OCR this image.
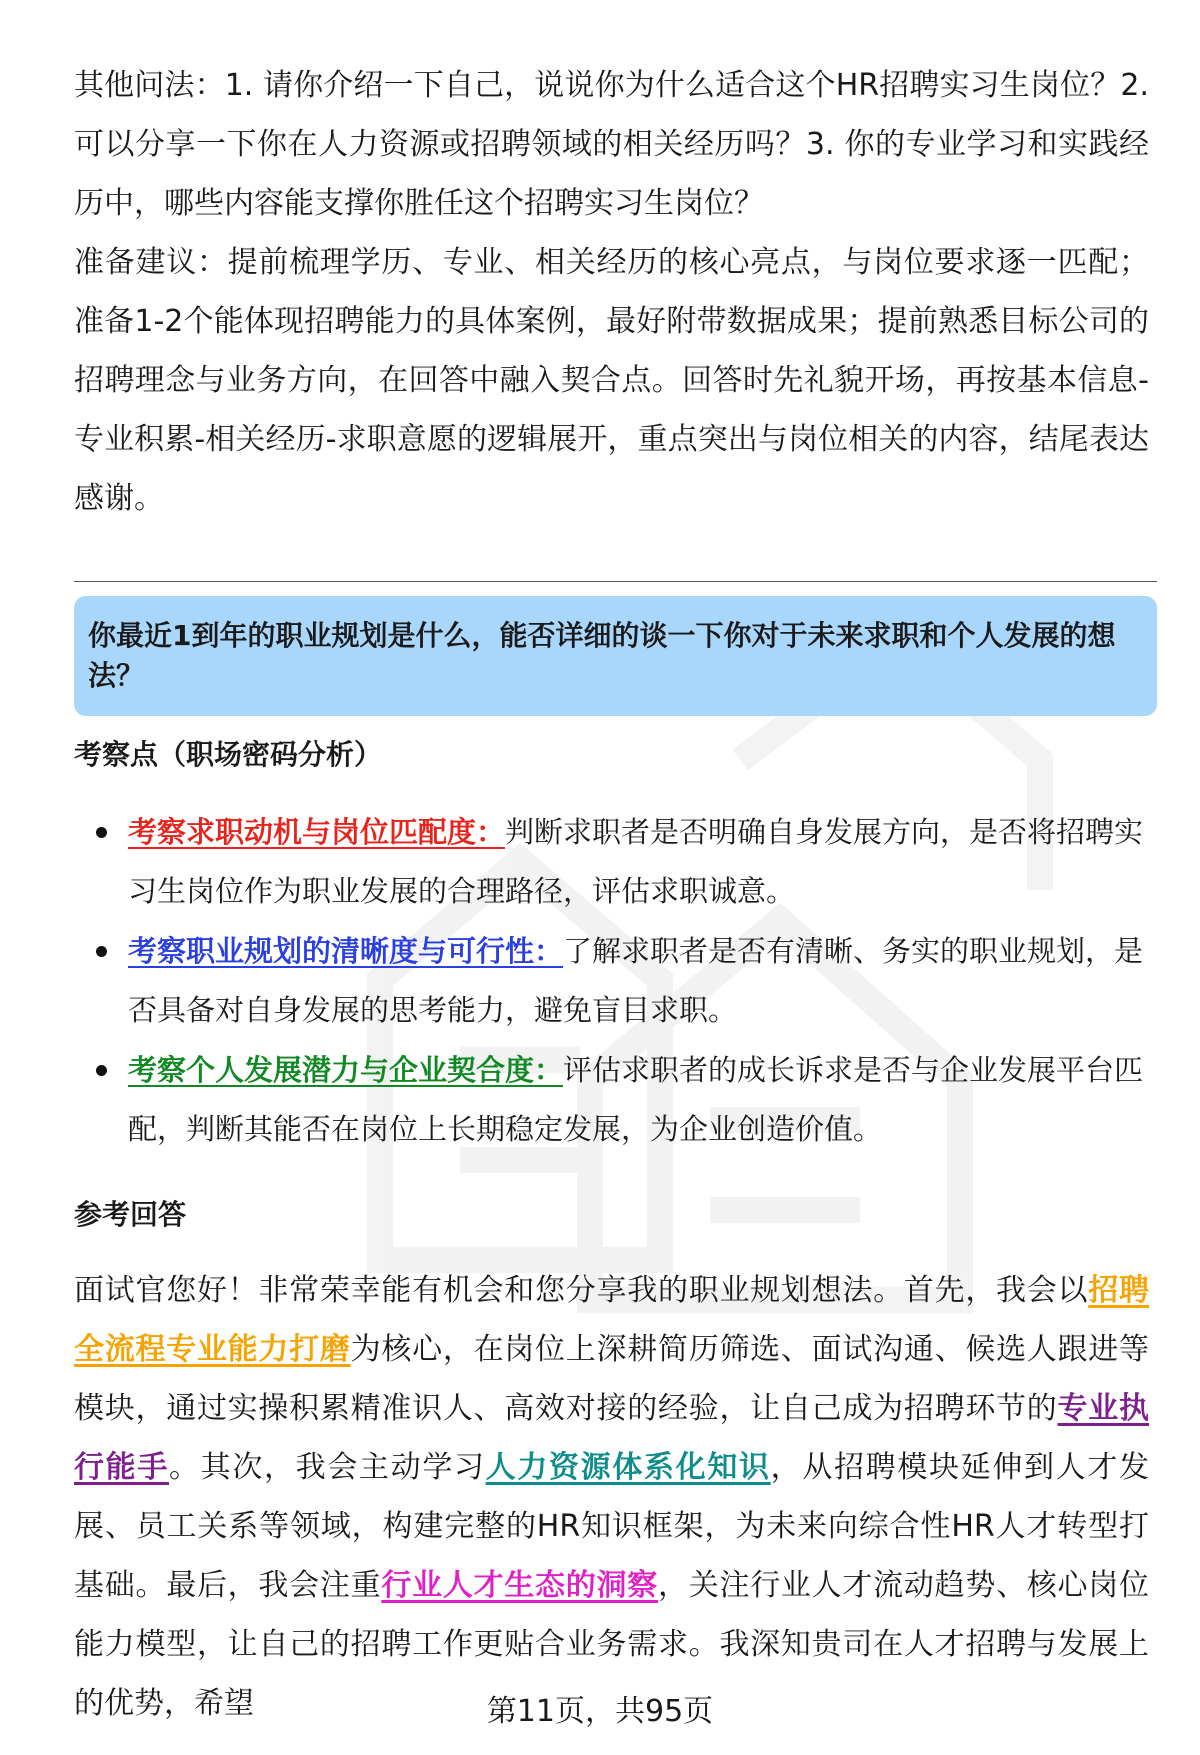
其他问法：1. 请你介绍一下自己，说说你为什么适合这个HR招聘实习生岗位？2. 可以分享一下你在人力资源或招聘领域的相关经历吗？3. 你的专业学习和实践经历中，哪些内容能支撑你胜任这个招聘实习生岗位？

准备建议：提前梳理学历、专业、相关经历的核心亮点，与岗位要求逐一匹配；准备1-2个能体现招聘能力的具体案例，最好附带数据成果；提前熟悉目标公司的招聘理念与业务方向，在回答中融入契合点。回答时先礼貌开场，再按基本信息-专业积累-相关经历-求职意愿的逻辑展开，重点突出与岗位相关的内容，结尾表达感谢。

你最近1到年的职业规划是什么，能否详细的谈一下你对于未来求职和个人发展的想法？

考察点（职场密码分析）

考察求职动机与岗位匹配度：判断求职者是否明确自身发展方向，是否将招聘实习生岗位作为职业发展的合理路径，评估求职诚意。
考察职业规划的清晰度与可行性：了解求职者是否有清晰、务实的职业规划，是否具备对自身发展的思考能力，避免盲目求职。
考察个人发展潜力与企业契合度：评估求职者的成长诉求是否与企业发展平台匹配，判断其能否在岗位上长期稳定发展，为企业创造价值。

参考回答

面试官您好！非常荣幸能有机会和您分享我的职业规划想法。首先，我会以招聘全流程专业能力打磨为核心，在岗位上深耕简历筛选、面试沟通、候选人跟进等模块，通过实操积累精准识人、高效对接的经验，让自己成为招聘环节的专业执行能手。其次，我会主动学习人力资源体系化知识，从招聘模块延伸到人才发展、员工关系等领域，构建完整的HR知识框架，为未来向综合性HR人才转型打基础。最后，我会注重行业人才生态的洞察，关注行业人才流动趋势、核心岗位能力模型，让自己的招聘工作更贴合业务需求。我深知贵司在人才招聘与发展上的优势，希望	第11页，共95页
